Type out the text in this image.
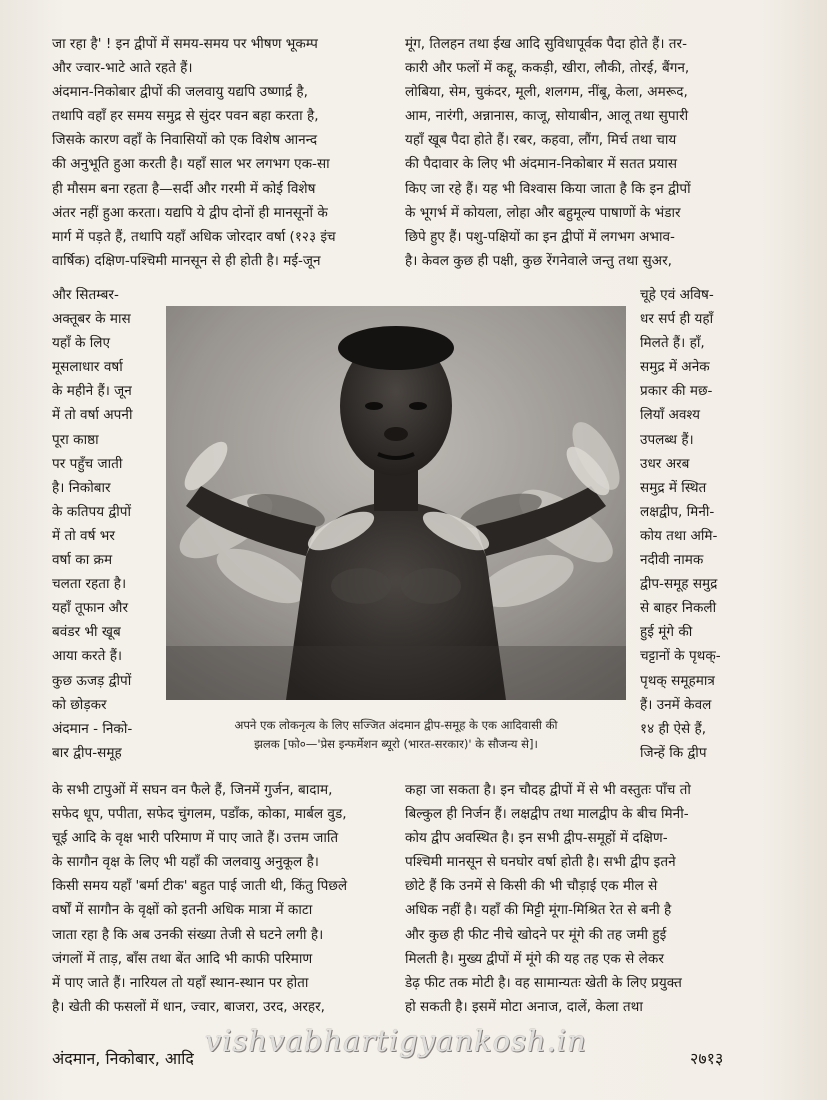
जा रहा है' ! इन द्वीपों में समय-समय पर भीषण भूकम्प
और ज्वार-भाटे आते रहते हैं।
अंदमान-निकोबार द्वीपों की जलवायु यद्यपि उष्णार्द्र है,
तथापि वहाँ हर समय समुद्र से सुंदर पवन बहा करता है,
जिसके कारण वहाँ के निवासियों को एक विशेष आनन्द
की अनुभूति हुआ करती है। यहाँ साल भर लगभग एक-सा
ही मौसम बना रहता है—सर्दी और गरमी में कोई विशेष
अंतर नहीं हुआ करता। यद्यपि ये द्वीप दोनों ही मानसूनों के
मार्ग में पड़ते हैं, तथापि यहाँ अधिक जोरदार वर्षा (१२३ इंच
वार्षिक) दक्षिण-पश्चिमी मानसून से ही होती है। मई-जून
मूंग, तिलहन तथा ईख आदि सुविधापूर्वक पैदा होते हैं। तर-
कारी और फलों में कद्दू, ककड़ी, खीरा, लौकी, तोरई, बैंगन,
लोबिया, सेम, चुकंदर, मूली, शलगम, नींबू, केला, अमरूद,
आम, नारंगी, अन्नानास, काजू, सोयाबीन, आलू तथा सुपारी
यहाँ खूब पैदा होते हैं। रबर, कहवा, लौंग, मिर्च तथा चाय
की पैदावार के लिए भी अंदमान-निकोबार में सतत प्रयास
किए जा रहे हैं। यह भी विश्वास किया जाता है कि इन द्वीपों
के भूगर्भ में कोयला, लोहा और बहुमूल्य पाषाणों के भंडार
छिपे हुए हैं। पशु-पक्षियों का इन द्वीपों में लगभग अभाव-
है। केवल कुछ ही पक्षी, कुछ रेंगनेवाले जन्तु तथा सुअर,
और सितम्बर-
अक्तूबर के मास
यहाँ के लिए
मूसलाधार वर्षा
के महीने हैं। जून
में तो वर्षा अपनी
पूरा काष्ठा
पर पहुँच जाती
है। निकोबार
के कतिपय द्वीपों
में तो वर्ष भर
वर्षा का क्रम
चलता रहता है।
यहाँ तूफान और
बवंडर भी खूब
आया करते हैं।
कुछ ऊजड़ द्वीपों
को छोड़कर
अंदमान - निको-
बार द्वीप-समूह
चूहे एवं अविष-
धर सर्प ही यहाँ
मिलते हैं। हाँ,
समुद्र में अनेक
प्रकार की मछ-
लियाँ अवश्य
उपलब्ध हैं।
उधर अरब
समुद्र में स्थित
लक्षद्वीप, मिनी-
कोय तथा अमि-
नदीवी नामक
द्वीप-समूह समुद्र
से बाहर निकली
हुई मूंगे की
चट्टानों के पृथक्-
पृथक् समूहमात्र
हैं। उनमें केवल
१४ ही ऐसे हैं,
जिन्हें कि द्वीप
अपने एक लोकनृत्य के लिए सज्जित अंदमान द्वीप-समूह के एक आदिवासी की
झलक [फो०—'प्रेस इन्फर्मेशन ब्यूरो (भारत-सरकार)' के सौजन्य से]।
के सभी टापुओं में सघन वन फैले हैं, जिनमें गुर्जन, बादाम,
सफेद धूप, पपीता, सफेद चुंगलम, पडाँक, कोका, मार्बल वुड,
चूई आदि के वृक्ष भारी परिमाण में पाए जाते हैं। उत्तम जाति
के सागौन वृक्ष के लिए भी यहाँ की जलवायु अनुकूल है।
किसी समय यहाँ 'बर्मा टीक' बहुत पाई जाती थी, किंतु पिछले
वर्षों में सागौन के वृक्षों को इतनी अधिक मात्रा में काटा
जाता रहा है कि अब उनकी संख्या तेजी से घटने लगी है।
जंगलों में ताड़, बाँस तथा बेंत आदि भी काफी परिमाण
में पाए जाते हैं। नारियल तो यहाँ स्थान-स्थान पर होता
है। खेती की फसलों में धान, ज्वार, बाजरा, उरद, अरहर,
कहा जा सकता है। इन चौदह द्वीपों में से भी वस्तुतः पाँच तो
बिल्कुल ही निर्जन हैं। लक्षद्वीप तथा मालद्वीप के बीच मिनी-
कोय द्वीप अवस्थित है। इन सभी द्वीप-समूहों में दक्षिण-
पश्चिमी मानसून से घनघोर वर्षा होती है। सभी द्वीप इतने
छोटे हैं कि उनमें से किसी की भी चौड़ाई एक मील से
अधिक नहीं है। यहाँ की मिट्टी मूंगा-मिश्रित रेत से बनी है
और कुछ ही फीट नीचे खोदने पर मूंगे की तह जमी हुई
मिलती है। मुख्य द्वीपों में मूंगे की यह तह एक से लेकर
डेढ़ फीट तक मोटी है। वह सामान्यतः खेती के लिए प्रयुक्त
हो सकती है। इसमें मोटा अनाज, दालें, केला तथा
अंदमान, निकोबार, आदि	२७१३
vishvabhartigyankosh.in
